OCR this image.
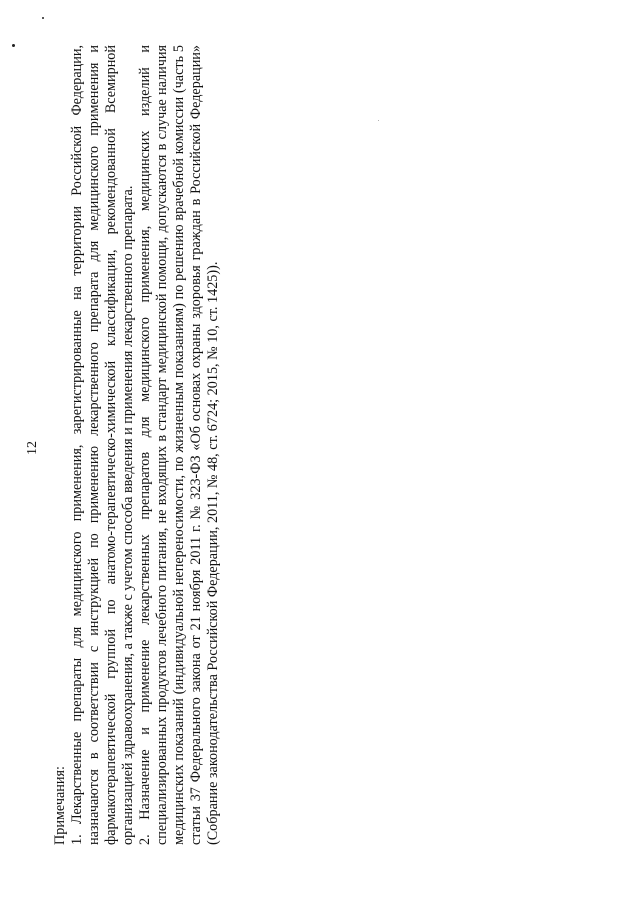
12
Примечания: 1. Лекарственные препараты для медицинского применения, зарегистрированные на территории Российской Федерации, назначаются в соответствии с инструкцией по применению лекарственного препарата для медицинского применения и фармакотерапевтической группой по анатомо-терапевтическо-химической классификации, рекомендованной Всемирной организацией здравоохранения, а также с учетом способа введения и применения лекарственного препарата. 2. Назначение и применение лекарственных препаратов для медицинского применения, медицинских изделий и специализированных продуктов лечебного питания, не входящих в стандарт медицинской помощи, допускаются в случае наличия медицинских показаний (индивидуальной непереносимости, по жизненным показаниям) по решению врачебной комиссии (часть 5 статьи 37 Федерального закона от 21 ноября 2011 г. № 323-ФЗ «Об основах охраны здоровья граждан в Российской Федерации» (Собрание законодательства Российской Федерации, 2011, № 48, ст. 6724; 2015, № 10, ст. 1425)).
